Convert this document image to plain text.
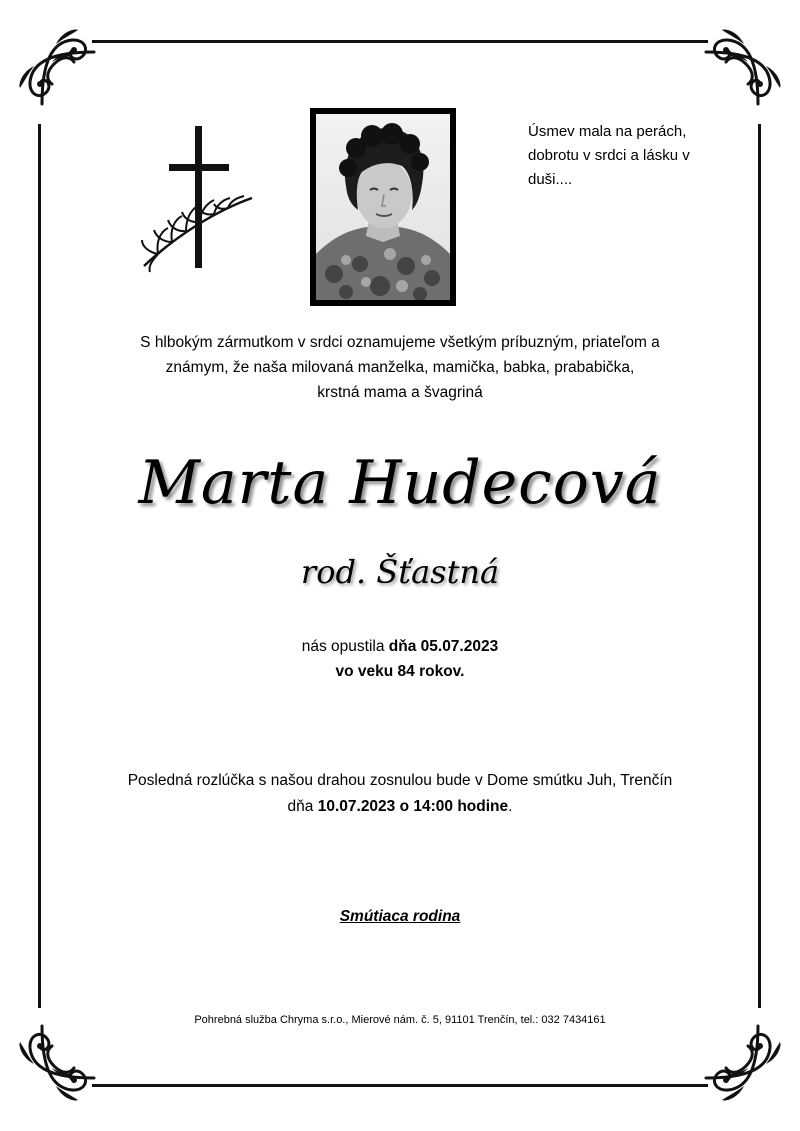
Úsmev mala na perách,
dobrotu v srdci a lásku v
duši....
S hlbokým zármutkom v srdci oznamujeme všetkým príbuzným, priateľom a
známym, že naša milovaná manželka, mamička, babka, prababička,
krstná mama a švagriná
Marta Hudecová
rod. Šťastná
nás opustila dňa 05.07.2023
vo veku 84 rokov.
Posledná rozlúčka s našou drahou zosnulou bude v Dome smútku Juh, Trenčín
dňa 10.07.2023 o 14:00 hodine.
Smútiaca rodina
Pohrebná služba Chryma s.r.o., Mierové nám. č. 5, 91101 Trenčín, tel.: 032 7434161
